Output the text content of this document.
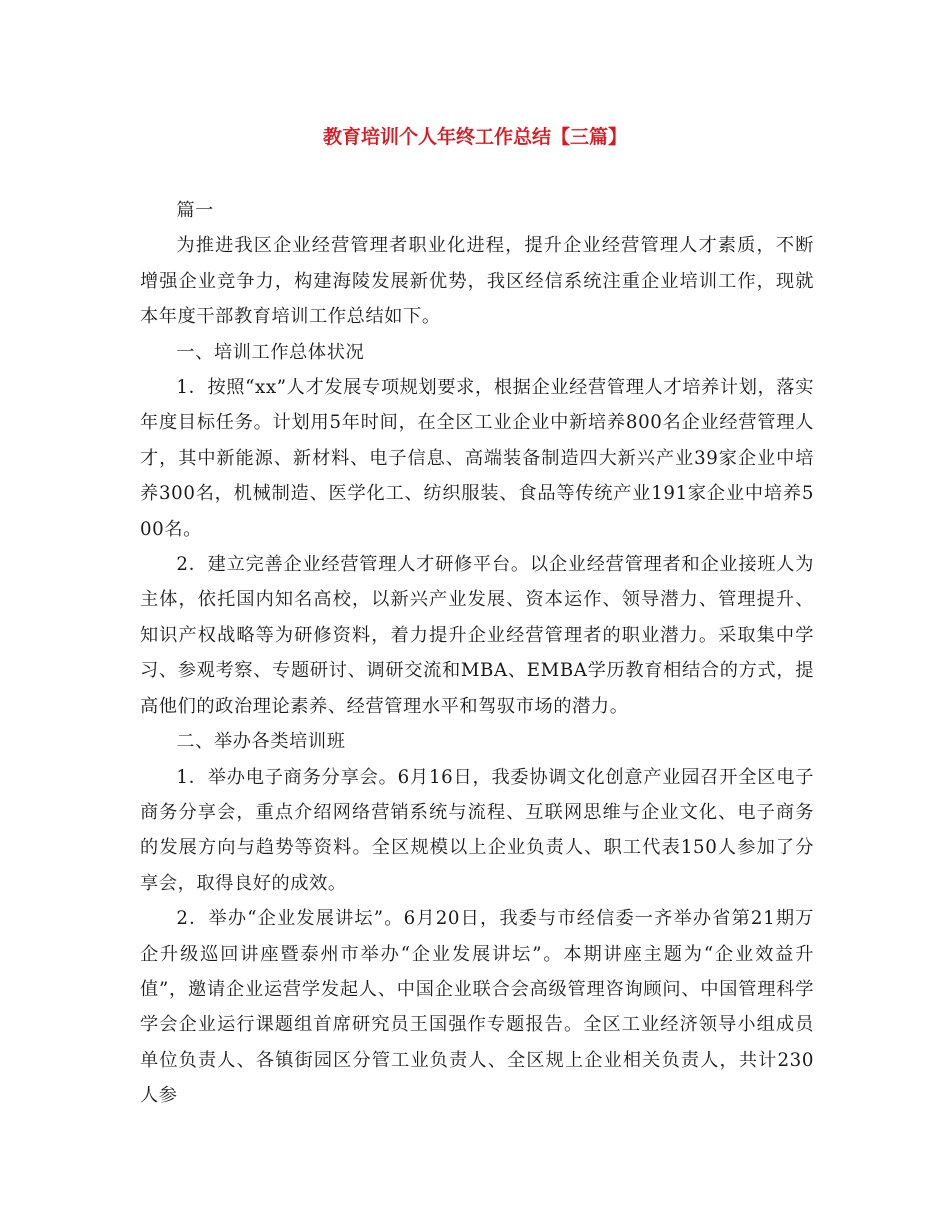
教育培训个人年终工作总结【三篇】

篇一

为推进我区企业经营管理者职业化进程，提升企业经营管理人才素质，不断增强企业竞争力，构建海陵发展新优势，我区经信系统注重企业培训工作，现就本年度干部教育培训工作总结如下。

一、培训工作总体状况

1．按照“xx”人才发展专项规划要求，根据企业经营管理人才培养计划，落实年度目标任务。计划用5年时间，在全区工业企业中新培养800名企业经营管理人才，其中新能源、新材料、电子信息、高端装备制造四大新兴产业39家企业中培养300名，机械制造、医学化工、纺织服装、食品等传统产业191家企业中培养500名。

2．建立完善企业经营管理人才研修平台。以企业经营管理者和企业接班人为主体，依托国内知名高校，以新兴产业发展、资本运作、领导潜力、管理提升、知识产权战略等为研修资料，着力提升企业经营管理者的职业潜力。采取集中学习、参观考察、专题研讨、调研交流和MBA、EMBA学历教育相结合的方式，提高他们的政治理论素养、经营管理水平和驾驭市场的潜力。

二、举办各类培训班

1．举办电子商务分享会。6月16日，我委协调文化创意产业园召开全区电子商务分享会，重点介绍网络营销系统与流程、互联网思维与企业文化、电子商务的发展方向与趋势等资料。全区规模以上企业负责人、职工代表150人参加了分享会，取得良好的成效。

2．举办“企业发展讲坛”。6月20日，我委与市经信委一齐举办省第21期万企升级巡回讲座暨泰州市举办“企业发展讲坛”。本期讲座主题为“企业效益升值”，邀请企业运营学发起人、中国企业联合会高级管理咨询顾问、中国管理科学学会企业运行课题组首席研究员王国强作专题报告。全区工业经济领导小组成员单位负责人、各镇街园区分管工业负责人、全区规上企业相关负责人，共计230人参
